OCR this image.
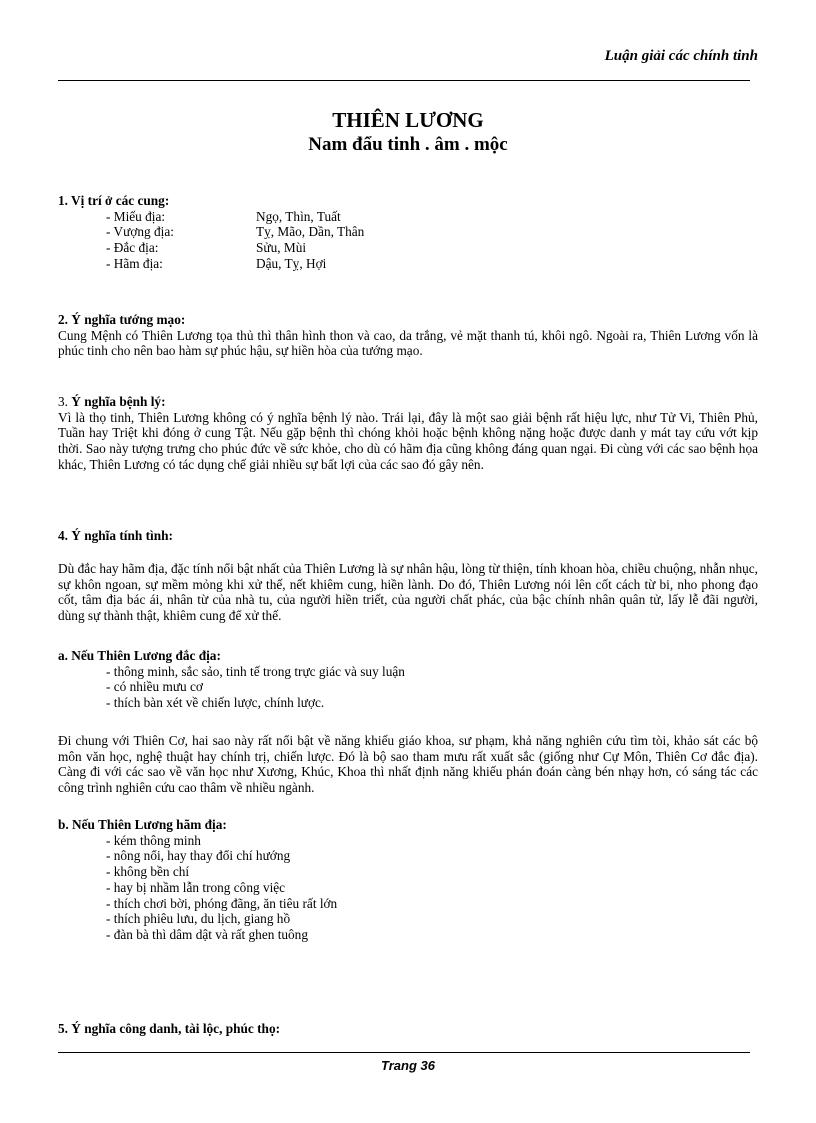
Luận giải các chính tinh
THIÊN LƯƠNG
Nam đẩu tinh . âm . mộc
1. Vị trí ở các cung:
- Miếu địa:	Ngọ, Thìn, Tuất
- Vượng địa:	Tỵ, Mão, Dần, Thân
- Đắc địa:	Sửu, Mùi
- Hãm địa:	Dậu, Tỵ, Hợi
2. Ý nghĩa tướng mạo:

Cung Mệnh có Thiên Lương tọa thủ thì thân hình thon và cao, da trắng, vẻ mặt thanh tú, khôi ngô. Ngoài ra, Thiên Lương vốn là phúc tinh cho nên bao hàm sự phúc hậu, sự hiền hòa của tướng mạo.

3. Ý nghĩa bệnh lý:

Vì là thọ tinh, Thiên Lương không có ý nghĩa bệnh lý nào. Trái lại, đây là một sao giải bệnh rất hiệu lực, như Tử Vi, Thiên Phủ, Tuần hay Triệt khi đóng ở cung Tật. Nếu gặp bệnh thì chóng khỏi hoặc bệnh không nặng hoặc được danh y mát tay cứu vớt kịp thời. Sao này tượng trưng cho phúc đức về sức khỏe, cho dù có hãm địa cũng không đáng quan ngại. Đi cùng với các sao bệnh họa khác, Thiên Lương có tác dụng chế giải nhiều sự bất lợi của các sao đó gây nên.

4. Ý nghĩa tính tình:

Dù đắc hay hãm địa, đặc tính nổi bật nhất của Thiên Lương là sự nhân hậu, lòng từ thiện, tính khoan hòa, chiều chuộng, nhẫn nhục, sự khôn ngoan, sự mềm mỏng khi xử thế, nết khiêm cung, hiền lành. Do đó, Thiên Lương nói lên cốt cách từ bi, nho phong đạo cốt, tâm địa bác ái, nhân từ của nhà tu, của người hiền triết, của người chất phác, của bậc chính nhân quân tử, lấy lễ đãi người, dùng sự thành thật, khiêm cung để xử thế.

a. Nếu Thiên Lương đắc địa:
- thông minh, sắc sảo, tinh tế trong trực giác và suy luận
- có nhiều mưu cơ
- thích bàn xét về chiến lược, chính lược.

Đi chung với Thiên Cơ, hai sao này rất nổi bật về năng khiếu giáo khoa, sư phạm, khả năng nghiên cứu tìm tòi, khảo sát các bộ môn văn học, nghệ thuật hay chính trị, chiến lược. Đó là bộ sao tham mưu rất xuất sắc (giống như Cự Môn, Thiên Cơ đắc địa). Càng đi với các sao về văn học như Xương, Khúc, Khoa thì nhất định năng khiếu phán đoán càng bén nhạy hơn, có sáng tác các công trình nghiên cứu cao thâm về nhiều ngành.

b. Nếu Thiên Lương hãm địa:
- kém thông minh
- nông nổi, hay thay đổi chí hướng
- không bền chí
- hay bị nhầm lẫn trong công việc
- thích chơi bời, phóng đãng, ăn tiêu rất lớn
- thích phiêu lưu, du lịch, giang hồ
- đàn bà thì dâm dật và rất ghen tuông
5. Ý nghĩa công danh, tài lộc, phúc thọ:
Trang 36
